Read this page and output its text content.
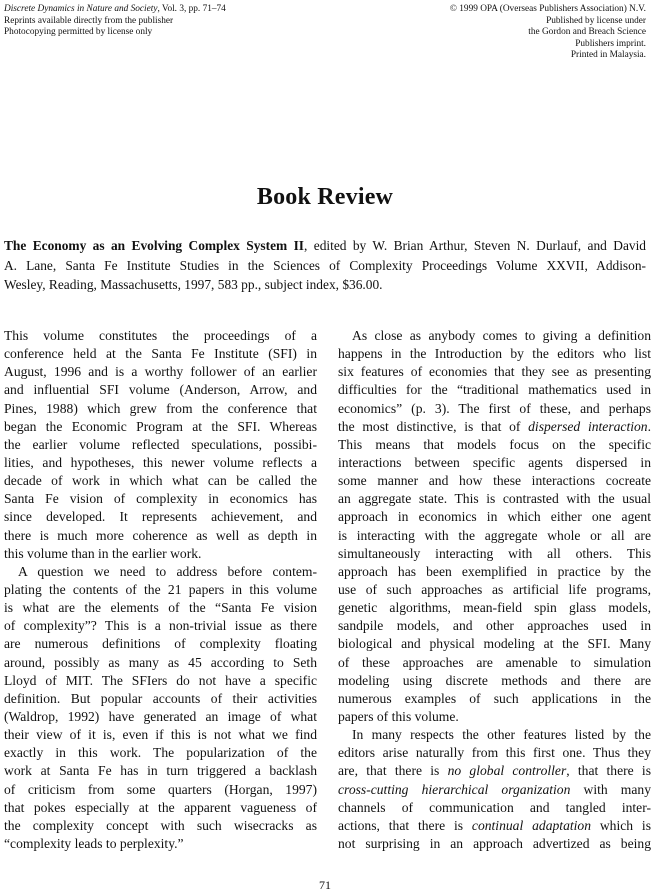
Discrete Dynamics in Nature and Society, Vol. 3, pp. 71–74
Reprints available directly from the publisher
Photocopying permitted by license only
© 1999 OPA (Overseas Publishers Association) N.V.
Published by license under
the Gordon and Breach Science
Publishers imprint.
Printed in Malaysia.
Book Review
The Economy as an Evolving Complex System II, edited by W. Brian Arthur, Steven N. Durlauf, and David
A. Lane, Santa Fe Institute Studies in the Sciences of Complexity Proceedings Volume XXVII, Addison-
Wesley, Reading, Massachusetts, 1997, 583 pp., subject index, $36.00.
This volume constitutes the proceedings of a
conference held at the Santa Fe Institute (SFI) in
August, 1996 and is a worthy follower of an earlier
and influential SFI volume (Anderson, Arrow, and
Pines, 1988) which grew from the conference that
began the Economic Program at the SFI. Whereas
the earlier volume reflected speculations, possibi-
lities, and hypotheses, this newer volume reflects a
decade of work in which what can be called the
Santa Fe vision of complexity in economics has
since developed. It represents achievement, and
there is much more coherence as well as depth in
this volume than in the earlier work.
A question we need to address before contem-
plating the contents of the 21 papers in this volume
is what are the elements of the “Santa Fe vision
of complexity”? This is a non-trivial issue as there
are numerous definitions of complexity floating
around, possibly as many as 45 according to Seth
Lloyd of MIT. The SFIers do not have a specific
definition. But popular accounts of their activities
(Waldrop, 1992) have generated an image of what
their view of it is, even if this is not what we find
exactly in this work. The popularization of the
work at Santa Fe has in turn triggered a backlash
of criticism from some quarters (Horgan, 1997)
that pokes especially at the apparent vagueness of
the complexity concept with such wisecracks as
“complexity leads to perplexity.”
As close as anybody comes to giving a definition
happens in the Introduction by the editors who list
six features of economies that they see as presenting
difficulties for the “traditional mathematics used in
economics” (p. 3). The first of these, and perhaps
the most distinctive, is that of dispersed interaction.
This means that models focus on the specific
interactions between specific agents dispersed in
some manner and how these interactions cocreate
an aggregate state. This is contrasted with the usual
approach in economics in which either one agent
is interacting with the aggregate whole or all are
simultaneously interacting with all others. This
approach has been exemplified in practice by the
use of such approaches as artificial life programs,
genetic algorithms, mean-field spin glass models,
sandpile models, and other approaches used in
biological and physical modeling at the SFI. Many
of these approaches are amenable to simulation
modeling using discrete methods and there are
numerous examples of such applications in the
papers of this volume.
In many respects the other features listed by the
editors arise naturally from this first one. Thus they
are, that there is no global controller, that there is
cross-cutting hierarchical organization with many
channels of communication and tangled inter-
actions, that there is continual adaptation which is
not surprising in an approach advertized as being
71
